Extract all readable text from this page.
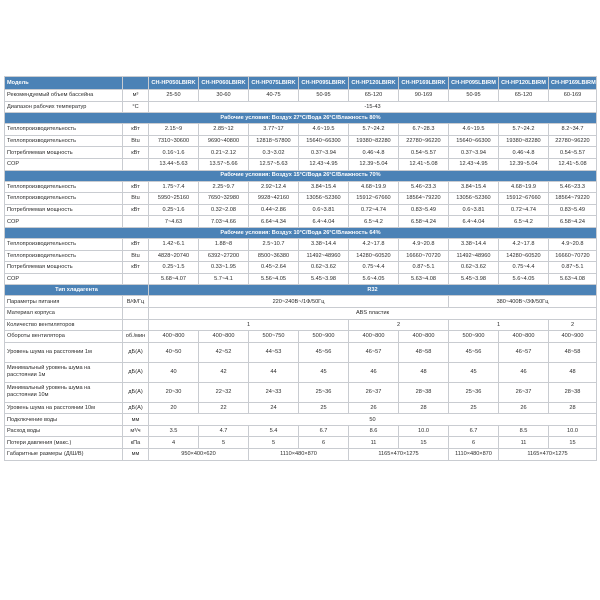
Модель		CH-HP050LBIRK	CH-HP060LBIRK	CH-HP075LBIRK	CH-HP095LBIRK	CH-HP120LBIRK	CH-HP169LBIRK	CH-HP095LBIRM	CH-HP120LBIRM	CH-HP169LBIRM
Рекомендуемый объем бассейна	м³	25-50	30-60	40-75	50-95	65-120	90-169	50-95	65-120	60-169
Диапазон рабочих температур	°C	-15-43								
Рабочие условия: Воздух 27°C/Вода 26°C/Влажность 80%										
Теплопроизводительность	кВт	2.15~9	2.85~12	3.77~17	4.6~19.5	5.7~24.2	6.7~28.3	4.6~19.5	5.7~24.2	8.2~34.7
Теплопроизводительность	Btu	7310~30600	9690~40800	12818~57800	15640~66300	19380~82280	22780~96220	15640~66300	19380~82280	22780~96220
Потребляемая мощность	кВт	0.16~1.6	0.21~2.12	0.3~3.02	0.37~3.94	0.46~4.8	0.54~5.57	0.37~3.94	0.46~4.8	0.54~5.57
COP		13.44~5.63	13.57~5.66	12.57~5.63	12.43~4.95	12.39~5.04	12.41~5.08	12.43~4.95	12.39~5.04	12.41~5.08
Рабочие условия: Воздух 15°C/Вода 26°C/Влажность 70%										
Теплопроизводительность	кВт	1.75~7.4	2.25~9.7	2.92~12.4	3.84~15.4	4.68~19.9	5.46~23.3	3.84~15.4	4.68~19.9	5.46~23.3
Теплопроизводительность	Btu	5950~25160	7650~32980	9928~42160	13056~52360	15912~67660	18564~79220	13056~52360	15912~67660	18564~79220
Потребляемая мощность	кВт	0.25~1.6	0.32~2.08	0.44~2.86	0.6~3.81	0.72~4.74	0.83~5.49	0.6~3.81	0.72~4.74	0.83~5.49
COP		7~4.63	7.03~4.66	6.64~4.34	6.4~4.04	6.5~4.2	6.58~4.24	6.4~4.04	6.5~4.2	6.58~4.24
Рабочие условия: Воздух 10°C/Вода 26°C/Влажность 64%										
Теплопроизводительность	кВт	1.42~6.1	1.88~8	2.5~10.7	3.38~14.4	4.2~17.8	4.9~20.8	3.38~14.4	4.2~17.8	4.9~20.8
Теплопроизводительность	Btu	4828~20740	6392~27200	8500~36380	11492~48960	14280~60520	16660~70720	11492~48960	14280~60520	16660~70720
Потребляемая мощность	кВт	0.25~1.5	0.33~1.95	0.45~2.64	0.62~3.62	0.75~4.4	0.87~5.1	0.62~3.62	0.75~4.4	0.87~5.1
COP		5.68~4.07	5.7~4.1	5.56~4.05	5.45~3.98	5.6~4.05	5.63~4.08	5.45~3.98	5.6~4.05	5.63~4.08
Тип хладагента		R32								
Параметры питания	В/Ф/Гц	220~240В~/1Ф/50Гц						380~400В~/3Ф/50Гц		
Материал корпуса		ABS пластик								
Количество вентиляторов		1				2		1		2
Обороты вентилятора	об./мин	400~800	400~800	500~750	500~900	400~800	400~800	500~900	400~800	400~900
Уровень шума на расстоянии 1м	дБ(A)	40~50	42~52	44~53	45~56	46~57	48~58	45~56	46~57	48~58
Минимальный уровень шума на расстоянии 1м	дБ(A)	40	42	44	45	46	48	45	46	48
Минимальный уровень шума на расстоянии 10м	дБ(A)	20~30	22~32	24~33	25~36	26~37	28~38	25~36	26~37	28~38
Уровень шума на расстоянии 10м	дБ(A)	20	22	24	25	26	28	25	26	28
Подключение воды	мм	50								
Расход воды	м³/ч	3.5	4.7	5.4	6.7	8.6	10.0	6.7	8.5	10.0
Потери давления (макс.)	кПа	4	5	5	6	11	15	6	11	15
Габаритные размеры (Д/Ш/В)	мм	950×400×620		1110×480×870		1165×470×1275		1110×480×870	1165×470×1275	
